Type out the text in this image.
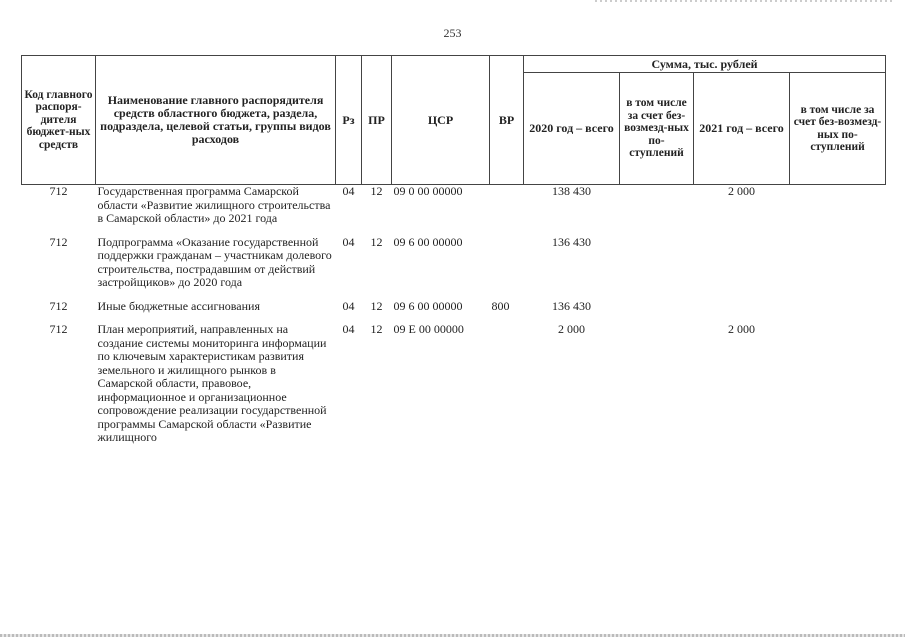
253
Код главного распоря-дителя бюджет-ных средств	Наименование главного распорядителя средств областного бюджета, раздела, подраздела, целевой статьи, группы видов расходов	Рз	ПР	ЦСР	ВР	Сумма, тыс. рублей			
						2020 год – всего	в том числе за счет без-возмезд-ных по-ступлений	2021 год – всего	в том числе за счет без-возмезд-ных по-ступлений
712	Государственная программа Самарской области «Развитие жилищного строительства в Самарской области» до 2021 года	04	12	09 0 00 00000		138 430		2 000	
712	Подпрограмма «Оказание государственной поддержки гражданам – участникам долевого строительства, пострадавшим от действий застройщиков» до 2020 года	04	12	09 6 00 00000		136 430			
712	Иные бюджетные ассигнования	04	12	09 6 00 00000	800	136 430			
712	План мероприятий, направленных на создание системы мониторинга информации по ключевым характеристикам развития земельного и жилищного рынков в Самарской области, правовое, информационное и организационное сопровождение реализации государственной программы Самарской области «Развитие жилищного	04	12	09 Е 00 00000		2 000		2 000	
